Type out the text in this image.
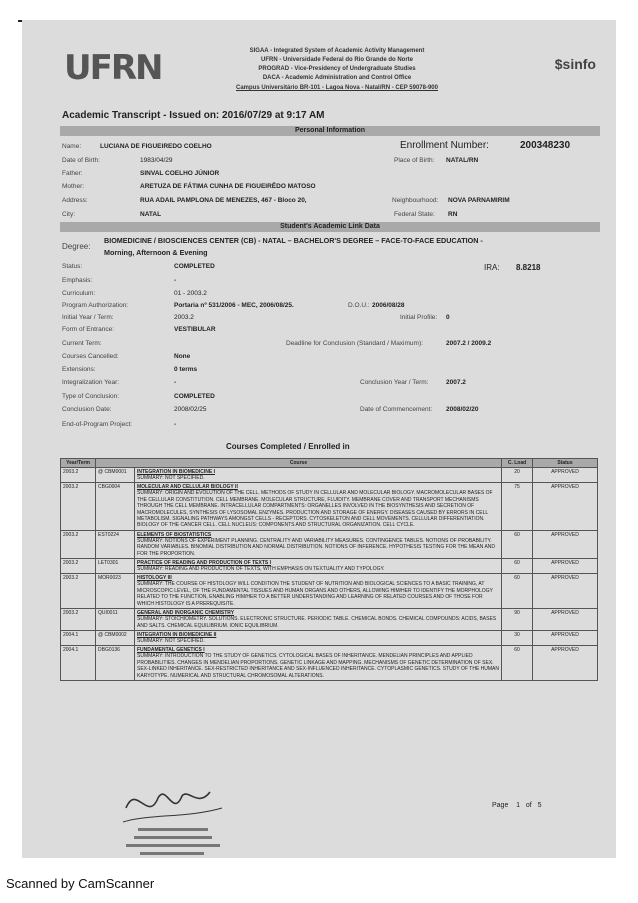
UFRN	$sinfo
SIGAA - Integrated System of Academic Activity Management
UFRN - Universidade Federal do Rio Grande do Norte
PROGRAD - Vice-Presidency of Undergraduate Studies
DACA - Academic Administration and Control Office
Campus Universitário BR-101 - Lagoa Nova - Natal/RN - CEP 59078-900
Academic Transcript - Issued on: 2016/07/29 at 9:17 AM
Personal Information
Name:	LUCIANA DE FIGUEIREDO COELHO	Enrollment Number:	200348230
Date of Birth:	1983/04/29	Place of Birth: NATAL/RN
Father:	SINVAL COELHO JÚNIOR
Mother:	ARETUZA DE FÁTIMA CUNHA DE FIGUEIRÊDO MATOSO
Address:	RUA ADAIL PAMPLONA DE MENEZES, 467 - Bloco 20,	Neighbourhood: NOVA PARNAMIRIM
City:	NATAL	Federal State: RN
Student's Academic Link Data
Degree:
BIOMEDICINE / BIOSCIENCES CENTER (CB) - NATAL – BACHELOR'S DEGREE – FACE-TO-FACE EDUCATION -
Morning, Afternoon & Evening
Status:	COMPLETED	IRA: 8.8218
Emphasis:	-
Curriculum:	01 - 2003.2
Program Authorization:	Portaria nº 531/2006 - MEC, 2006/08/25.	D.O.U.: 2006/08/28
Initial Year / Term:	2003.2	Initial Profile: 0
Form of Entrance:	VESTIBULAR
Current Term:	Deadline for Conclusion (Standard / Maximum):	2007.2 / 2009.2
Courses Cancelled:	None
Extensions:	0 terms
Integralization Year:	-	Conclusion Year / Term:	2007.2
Type of Conclusion:	COMPLETED
Conclusion Date:	2008/02/25	Date of Commencement: 2008/02/20
End-of-Program Project:	-
Courses Completed / Enrolled in
Year/Term	Course		C. Load	Status
2003.2	@ CBM0001	INTEGRATION IN BIOMEDICINE I
SUMMARY: NOT SPECIFIED.	20	APPROVED
2003.2	CBG0004	MOLECULAR AND CELLULAR BIOLOGY II
SUMMARY: ORIGIN AND EVOLUTION OF THE CELL. METHODS OF STUDY IN CELLULAR AND MOLECULAR BIOLOGY. MACROMOLECULAR BASES OF THE CELLULAR CONSTITUTION. CELL MEMBRANE. MOLECULAR STRUCTURE, FLUIDITY. MEMBRANE COVER AND TRANSPORT MECHANISMS THROUGH THE CELL MEMBRANE. INTRACELLULAR COMPARTMENTS: ORGANELLES INVOLVED IN THE BIOSYNTHESIS AND SECRETION OF MACROMOLECULES, SYNTHESIS OF LYSOSOMAL ENZYMES. PRODUCTION AND STORAGE OF ENERGY. DISEASES CAUSED BY ERRORS IN CELL METABOLISM. SIGNALING PATHWAYS AMONGST CELLS - RECEPTORS. CYTOSKELETON AND CELL MOVEMENTS. CELLULAR DIFFERENTIATION. BIOLOGY OF THE CANCER CELL. CELL NUCLEUS: COMPONENTS AND STRUCTURAL ORGANIZATION. CELL CYCLE.	75	APPROVED
2003.2	EST0224	ELEMENTS OF BIOSTATISTICS
SUMMARY: NOTIONS OF EXPERIMENT PLANNING. CENTRALITY AND VARIABILITY MEASURES. CONTINGENCE TABLES. NOTIONS OF PROBABILITY. RANDOM VARIABLES. BINOMIAL DISTRIBUTION AND NORMAL DISTRIBUTION. NOTIONS OF INFERENCE. HYPOTHESIS TESTING FOR THE MEAN AND FOR THE PROPORTION.	60	APPROVED
2003.2	LET0301	PRACTICE OF READING AND PRODUCTION OF TEXTS I
SUMMARY: READING AND PRODUCTION OF TEXTS, WITH EMPHASIS ON TEXTUALITY AND TYPOLOGY.	60	APPROVED
2003.2	MOR0023	HISTOLOGY III
SUMMARY: THE COURSE OF HISTOLOGY WILL CONDITION THE STUDENT OF NUTRITION AND BIOLOGICAL SCIENCES TO A BASIC TRAINING, AT MICROSCOPIC LEVEL, OF THE FUNDAMENTAL TISSUES AND HUMAN ORGANS AND OTHERS, ALLOWING HIM/HER TO IDENTIFY THE MORPHOLOGY RELATED TO THE FUNCTION, ENABLING HIM/HER TO A BETTER UNDERSTANDING AND LEARNING OF RELATED COURSES AND OF THOSE FOR WHICH HISTOLOGY IS A PREREQUISITE.	60	APPROVED
2003.2	QUI0011	GENERAL AND INORGANIC CHEMISTRY
SUMMARY: STOICHIOMETRY. SOLUTIONS. ELECTRONIC STRUCTURE. PERIODIC TABLE. CHEMICAL BONDS. CHEMICAL COMPOUNDS: ACIDS, BASES AND SALTS. CHEMICAL EQUILIBRIUM. IONIC EQUILIBRIUM.	90	APPROVED
2004.1	@ CBM0002	INTEGRATION IN BIOMEDICINE II
SUMMARY: NOT SPECIFIED.	30	APPROVED
2004.1	DBG0136	FUNDAMENTAL GENETICS I
SUMMARY: INTRODUCTION TO THE STUDY OF GENETICS. CYTOLOGICAL BASES OF INHERITANCE. MENDELIAN PRINCIPLES AND APPLIED PROBABILITIES. CHANGES IN MENDELIAN PROPORTIONS. GENETIC LINKAGE AND MAPPING. MECHANISMS OF GENETIC DETERMINATION OF SEX. SEX-LINKED INHERITANCE. SEX-RESTRICTED INHERITANCE AND SEX-INFLUENCED INHERITANCE. CYTOPLASMIC GENETICS. STUDY OF THE HUMAN KARYOTYPE. NUMERICAL AND STRUCTURAL CHROMOSOMAL ALTERATIONS.	60	APPROVED
Page 1 of 5
Scanned by CamScanner
